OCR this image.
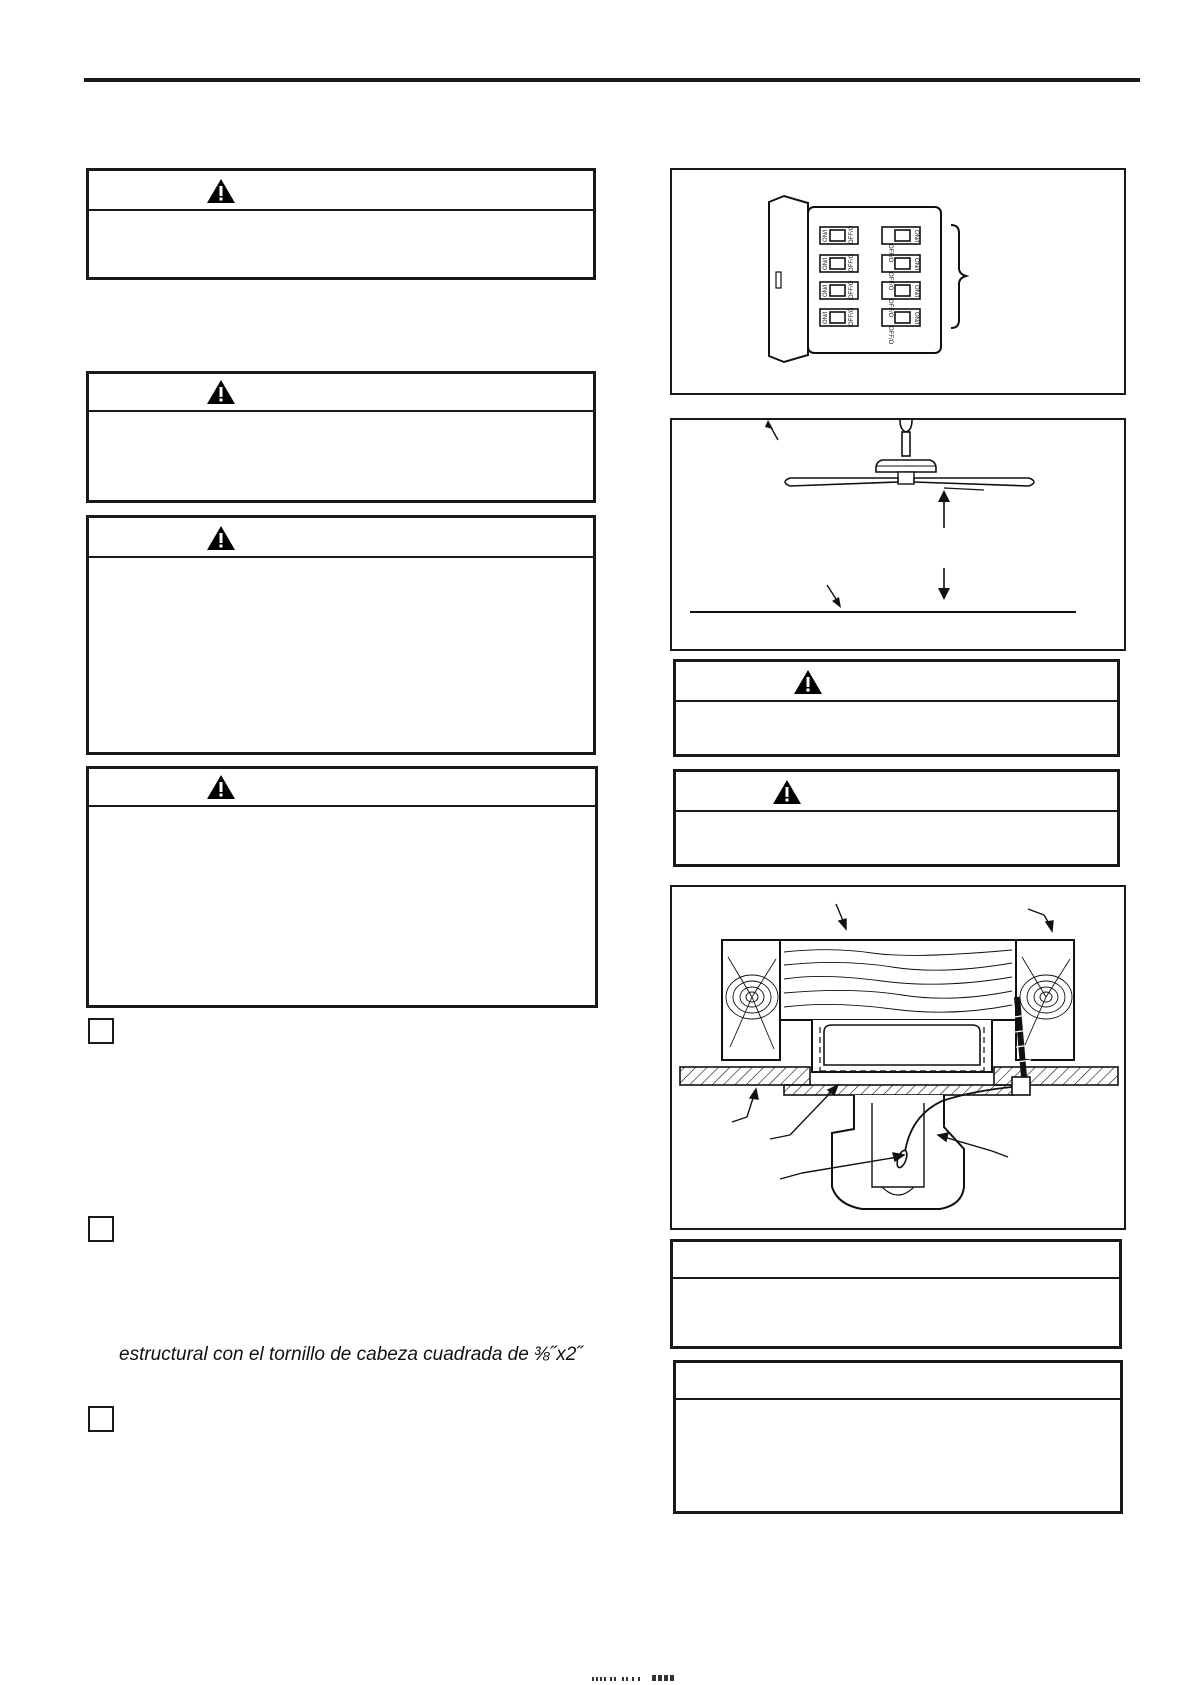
estructural con el tornillo de cabeza cuadrada de ⅜˝x2˝
ON/I	OFF/O
ON/I	OFF/O
ON/I	OFF/O
ON/I	OFF/O
OFF/O
ON/I
OFF/O
ON/I
OFF/O
ON/I
OFF/O
ON/I
